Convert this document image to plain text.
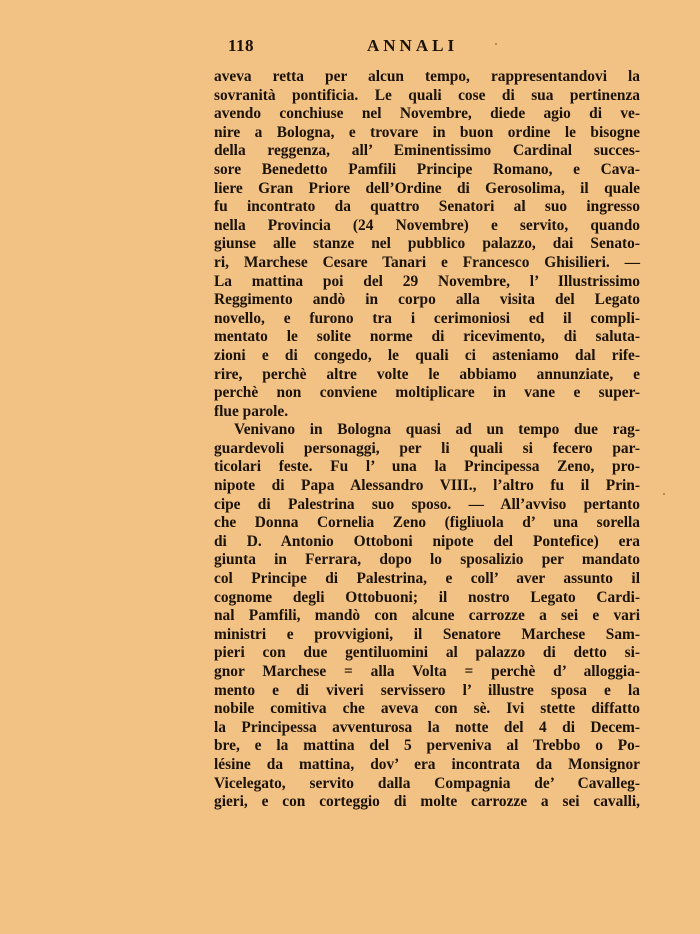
118	ANNALI
aveva retta per alcun tempo, rappresentandovi la
sovranità pontificia. Le quali cose di sua pertinenza
avendo conchiuse nel Novembre, diede agio di ve-
nire a Bologna, e trovare in buon ordine le bisogne
della reggenza, all’ Eminentissimo Cardinal succes-
sore Benedetto Pamfili Principe Romano, e Cava-
liere Gran Priore dell’Ordine di Gerosolima, il quale
fu incontrato da quattro Senatori al suo ingresso
nella Provincia (24 Novembre) e servito, quando
giunse alle stanze nel pubblico palazzo, dai Senato-
ri, Marchese Cesare Tanari e Francesco Ghisilieri. —
La mattina poi del 29 Novembre, l’ Illustrissimo
Reggimento andò in corpo alla visita del Legato
novello, e furono tra i cerimoniosi ed il compli-
mentato le solite norme di ricevimento, di saluta-
zioni e di congedo, le quali ci asteniamo dal rife-
rire, perchè altre volte le abbiamo annunziate, e
perchè non conviene moltiplicare in vane e super-
flue parole.
Venivano in Bologna quasi ad un tempo due rag-
guardevoli personaggi, per li quali si fecero par-
ticolari feste. Fu l’ una la Principessa Zeno, pro-
nipote di Papa Alessandro VIII., l’altro fu il Prin-
cipe di Palestrina suo sposo. — All’avviso pertanto
che Donna Cornelia Zeno (figliuola d’ una sorella
di D. Antonio Ottoboni nipote del Pontefice) era
giunta in Ferrara, dopo lo sposalizio per mandato
col Principe di Palestrina, e coll’ aver assunto il
cognome degli Ottobuoni; il nostro Legato Cardi-
nal Pamfili, mandò con alcune carrozze a sei e vari
ministri e provvigioni, il Senatore Marchese Sam-
pieri con due gentiluomini al palazzo di detto si-
gnor Marchese = alla Volta = perchè d’ alloggia-
mento e di viveri servissero l’ illustre sposa e la
nobile comitiva che aveva con sè. Ivi stette diffatto
la Principessa avventurosa la notte del 4 di Decem-
bre, e la mattina del 5 perveniva al Trebbo o Po-
lésine da mattina, dov’ era incontrata da Monsignor
Vicelegato, servito dalla Compagnia de’ Cavalleg-
gieri, e con corteggio di molte carrozze a sei cavalli,
